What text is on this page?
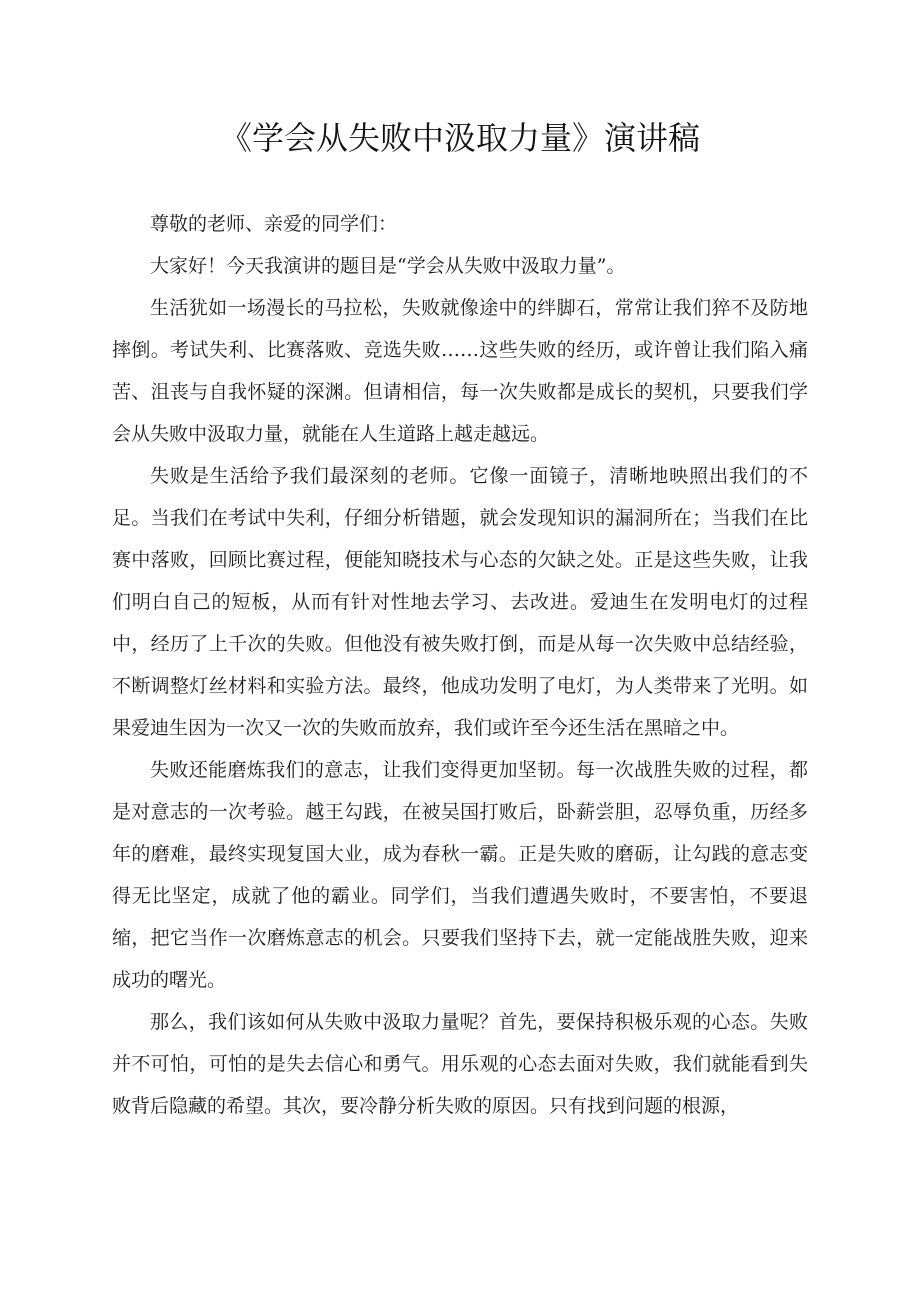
《学会从失败中汲取力量》演讲稿

尊敬的老师、亲爱的同学们：

大家好！今天我演讲的题目是“学会从失败中汲取力量”。

生活犹如一场漫长的马拉松，失败就像途中的绊脚石，常常让我们猝不及防地摔倒。考试失利、比赛落败、竞选失败……这些失败的经历，或许曾让我们陷入痛苦、沮丧与自我怀疑的深渊。但请相信，每一次失败都是成长的契机，只要我们学会从失败中汲取力量，就能在人生道路上越走越远。

失败是生活给予我们最深刻的老师。它像一面镜子，清晰地映照出我们的不足。当我们在考试中失利，仔细分析错题，就会发现知识的漏洞所在；当我们在比赛中落败，回顾比赛过程，便能知晓技术与心态的欠缺之处。正是这些失败，让我们明白自己的短板，从而有针对性地去学习、去改进。爱迪生在发明电灯的过程中，经历了上千次的失败。但他没有被失败打倒，而是从每一次失败中总结经验，不断调整灯丝材料和实验方法。最终，他成功发明了电灯，为人类带来了光明。如果爱迪生因为一次又一次的失败而放弃，我们或许至今还生活在黑暗之中。

失败还能磨炼我们的意志，让我们变得更加坚韧。每一次战胜失败的过程，都是对意志的一次考验。越王勾践，在被吴国打败后，卧薪尝胆，忍辱负重，历经多年的磨难，最终实现复国大业，成为春秋一霸。正是失败的磨砺，让勾践的意志变得无比坚定，成就了他的霸业。同学们，当我们遭遇失败时，不要害怕，不要退缩，把它当作一次磨炼意志的机会。只要我们坚持下去，就一定能战胜失败，迎来成功的曙光。

那么，我们该如何从失败中汲取力量呢？首先，要保持积极乐观的心态。失败并不可怕，可怕的是失去信心和勇气。用乐观的心态去面对失败，我们就能看到失败背后隐藏的希望。其次，要冷静分析失败的原因。只有找到问题的根源，
